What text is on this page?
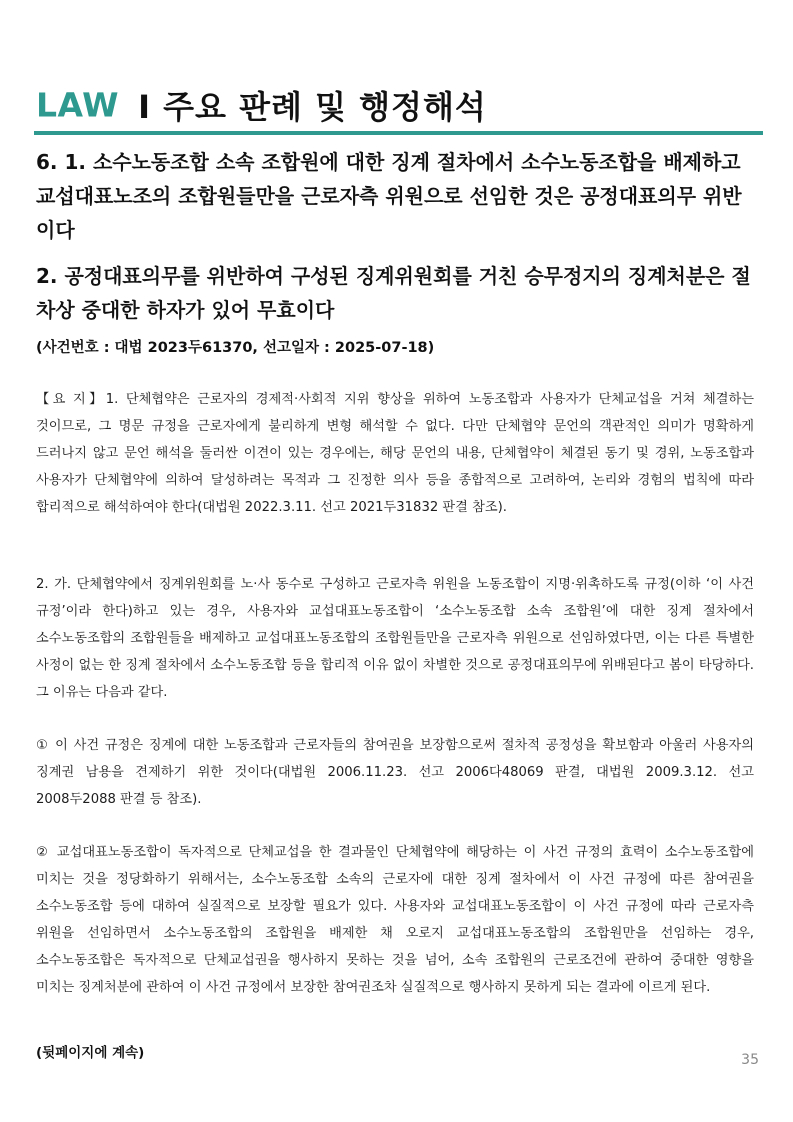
LAW I 주요 판례 및 행정해석

6. 1. 소수노동조합 소속 조합원에 대한 징계 절차에서 소수노동조합을 배제하고 교섭대표노조의 조합원들만을 근로자측 위원으로 선임한 것은 공정대표의무 위반이다

2. 공정대표의무를 위반하여 구성된 징계위원회를 거친 승무정지의 징계처분은 절차상 중대한 하자가 있어 무효이다

(사건번호 : 대법 2023두61370, 선고일자 : 2025-07-18)

【요 지】1. 단체협약은 근로자의 경제적·사회적 지위 향상을 위하여 노동조합과 사용자가 단체교섭을 거쳐 체결하는 것이므로, 그 명문 규정을 근로자에게 불리하게 변형 해석할 수 없다. 다만 단체협약 문언의 객관적인 의미가 명확하게 드러나지 않고 문언 해석을 둘러싼 이견이 있는 경우에는, 해당 문언의 내용, 단체협약이 체결된 동기 및 경위, 노동조합과 사용자가 단체협약에 의하여 달성하려는 목적과 그 진정한 의사 등을 종합적으로 고려하여, 논리와 경험의 법칙에 따라 합리적으로 해석하여야 한다(대법원 2022.3.11. 선고 2021두31832 판결 참조).

2. 가. 단체협약에서 징계위원회를 노·사 동수로 구성하고 근로자측 위원을 노동조합이 지명·위촉하도록 규정(이하 ‘이 사건 규정’이라 한다)하고 있는 경우, 사용자와 교섭대표노동조합이 ‘소수노동조합 소속 조합원’에 대한 징계 절차에서 소수노동조합의 조합원들을 배제하고 교섭대표노동조합의 조합원들만을 근로자측 위원으로 선임하였다면, 이는 다른 특별한 사정이 없는 한 징계 절차에서 소수노동조합 등을 합리적 이유 없이 차별한 것으로 공정대표의무에 위배된다고 봄이 타당하다. 그 이유는 다음과 같다.

① 이 사건 규정은 징계에 대한 노동조합과 근로자들의 참여권을 보장함으로써 절차적 공정성을 확보함과 아울러 사용자의 징계권 남용을 견제하기 위한 것이다(대법원 2006.11.23. 선고 2006다48069 판결, 대법원 2009.3.12. 선고 2008두2088 판결 등 참조).

② 교섭대표노동조합이 독자적으로 단체교섭을 한 결과물인 단체협약에 해당하는 이 사건 규정의 효력이 소수노동조합에 미치는 것을 정당화하기 위해서는, 소수노동조합 소속의 근로자에 대한 징계 절차에서 이 사건 규정에 따른 참여권을 소수노동조합 등에 대하여 실질적으로 보장할 필요가 있다. 사용자와 교섭대표노동조합이 이 사건 규정에 따라 근로자측 위원을 선임하면서 소수노동조합의 조합원을 배제한 채 오로지 교섭대표노동조합의 조합원만을 선임하는 경우, 소수노동조합은 독자적으로 단체교섭권을 행사하지 못하는 것을 넘어, 소속 조합원의 근로조건에 관하여 중대한 영향을 미치는 징계처분에 관하여 이 사건 규정에서 보장한 참여권조차 실질적으로 행사하지 못하게 되는 결과에 이르게 된다.

(뒷페이지에 계속)	35
